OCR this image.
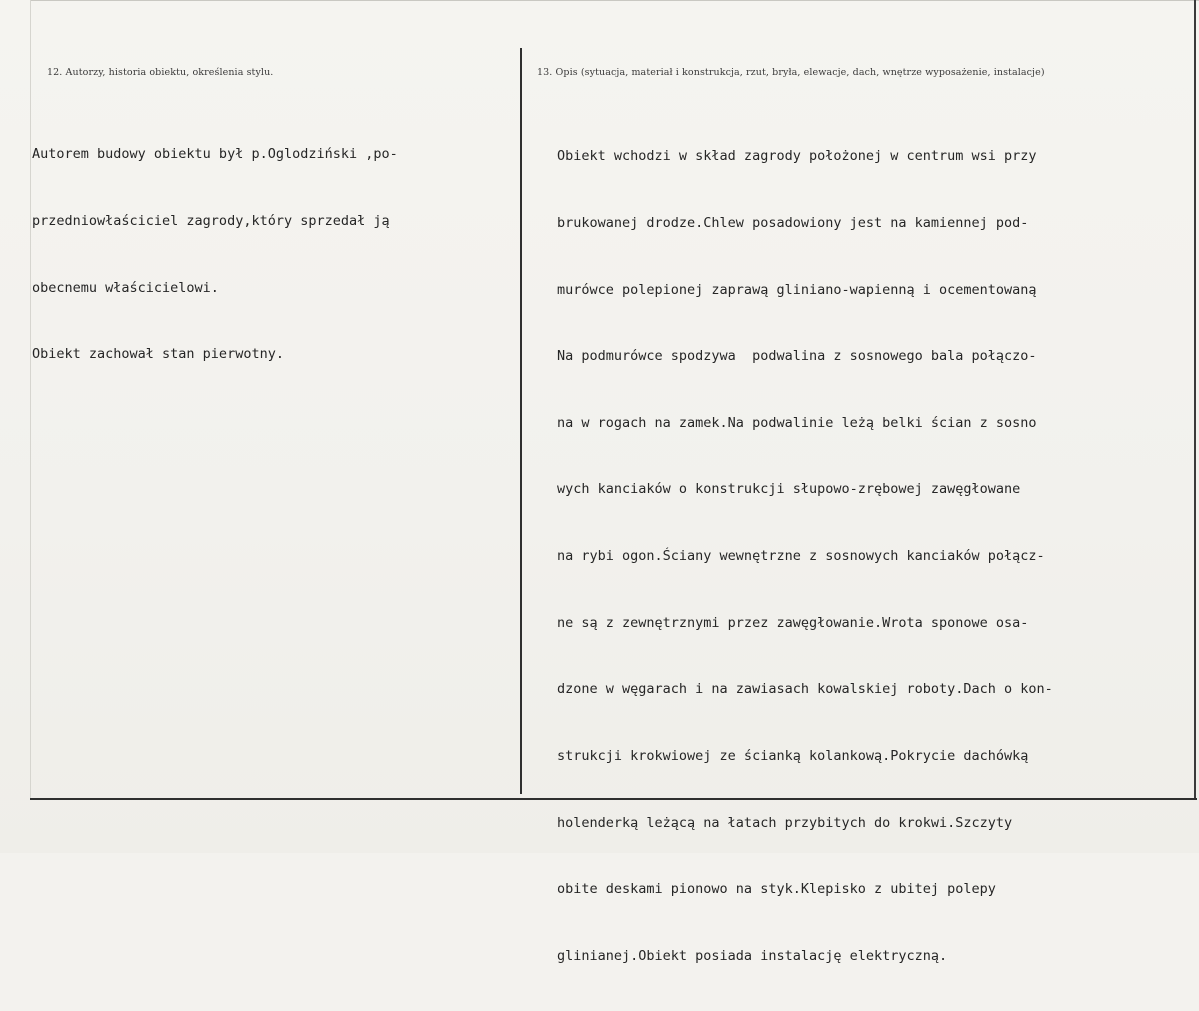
12. Autorzy, historia obiektu, określenia stylu.	13. Opis (sytuacja, materiał i konstrukcja, rzut, bryła, elewacje, dach, wnętrze wyposażenie, instalacje)

Autorem budowy obiektu był p.Oglodziński ,po-

przedniowłaściciel zagrody,który sprzedał ją

obecnemu właścicielowi.

Obiekt zachował stan pierwotny.

Obiekt wchodzi w skład zagrody położonej w centrum wsi przy

brukowanej drodze.Chlew posadowiony jest na kamiennej pod-

murówce polepionej zaprawą gliniano-wapienną i ocementowaną

Na podmurówce spodzywa  podwalina z sosnowego bala połączo-

na w rogach na zamek.Na podwalinie leżą belki ścian z sosno

wych kanciaków o konstrukcji słupowo-zrębowej zawęgłowane

na rybi ogon.Ściany wewnętrzne z sosnowych kanciaków połącz-

ne są z zewnętrznymi przez zawęgłowanie.Wrota sponowe osa-

dzone w węgarach i na zawiasach kowalskiej roboty.Dach o kon-

strukcji krokwiowej ze ścianką kolankową.Pokrycie dachówką

holenderką leżącą na łatach przybitych do krokwi.Szczyty

obite deskami pionowo na styk.Klepisko z ubitej polepy

glinianej.Obiekt posiada instalację elektryczną.
